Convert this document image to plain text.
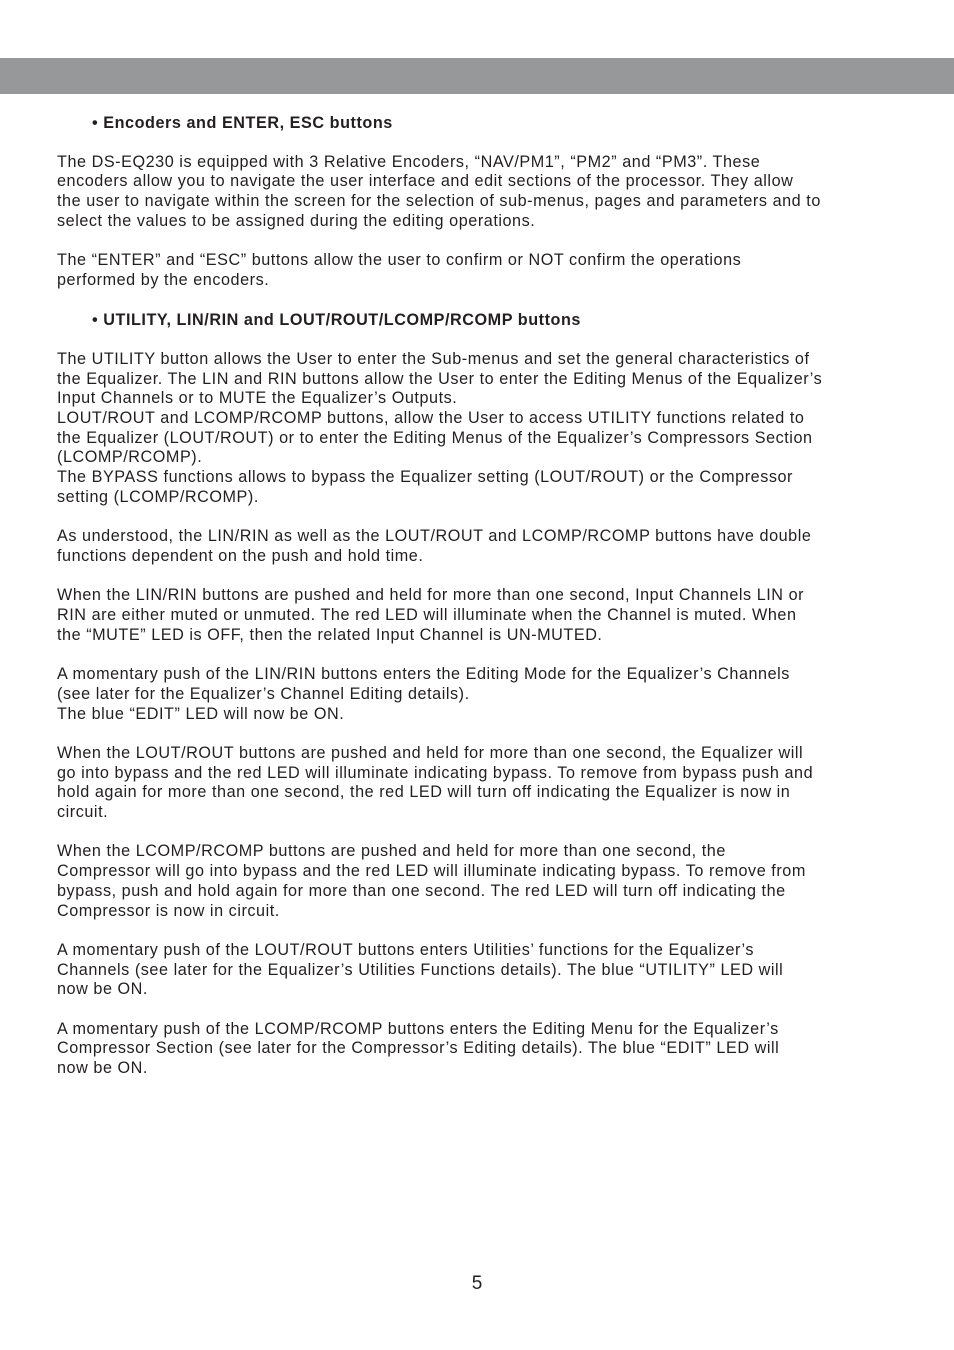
• Encoders and ENTER, ESC buttons

The DS-EQ230 is equipped with 3 Relative Encoders, “NAV/PM1”, “PM2” and “PM3”. These
encoders allow you to navigate the user interface and edit sections of the processor. They allow
the user to navigate within the screen for the selection of sub-menus, pages and parameters and to
select the values to be assigned during the editing operations.

The “ENTER” and “ESC” buttons allow the user to confirm or NOT confirm the operations
performed by the encoders.

• UTILITY, LIN/RIN and LOUT/ROUT/LCOMP/RCOMP buttons

The UTILITY button allows the User to enter the Sub-menus and set the general characteristics of
the Equalizer. The LIN and RIN buttons allow the User to enter the Editing Menus of the Equalizer’s
Input Channels or to MUTE the Equalizer’s Outputs.
LOUT/ROUT and LCOMP/RCOMP buttons, allow the User to access UTILITY functions related to
the Equalizer (LOUT/ROUT) or to enter the Editing Menus of the Equalizer’s Compressors Section
(LCOMP/RCOMP).
The BYPASS functions allows to bypass the Equalizer setting (LOUT/ROUT) or the Compressor
setting (LCOMP/RCOMP).

As understood, the LIN/RIN as well as the LOUT/ROUT and LCOMP/RCOMP buttons have double
functions dependent on the push and hold time.

When the LIN/RIN buttons are pushed and held for more than one second, Input Channels LIN or
RIN are either muted or unmuted. The red LED will illuminate when the Channel is muted. When
the “MUTE” LED is OFF, then the related Input Channel is UN-MUTED.

A momentary push of the LIN/RIN buttons enters the Editing Mode for the Equalizer’s Channels
(see later for the Equalizer’s Channel Editing details).
The blue “EDIT” LED will now be ON.

When the LOUT/ROUT buttons are pushed and held for more than one second, the Equalizer will
go into bypass and the red LED will illuminate indicating bypass. To remove from bypass push and
hold again for more than one second, the red LED will turn off indicating the Equalizer is now in
circuit.

When the LCOMP/RCOMP buttons are pushed and held for more than one second, the
Compressor will go into bypass and the red LED will illuminate indicating bypass. To remove from
bypass, push and hold again for more than one second. The red LED will turn off indicating the
Compressor is now in circuit.

A momentary push of the LOUT/ROUT buttons enters Utilities’ functions for the Equalizer’s
Channels (see later for the Equalizer’s Utilities Functions details). The blue “UTILITY” LED will
now be ON.

A momentary push of the LCOMP/RCOMP buttons enters the Editing Menu for the Equalizer’s
Compressor Section (see later for the Compressor’s Editing details). The blue “EDIT” LED will
now be ON.

5
